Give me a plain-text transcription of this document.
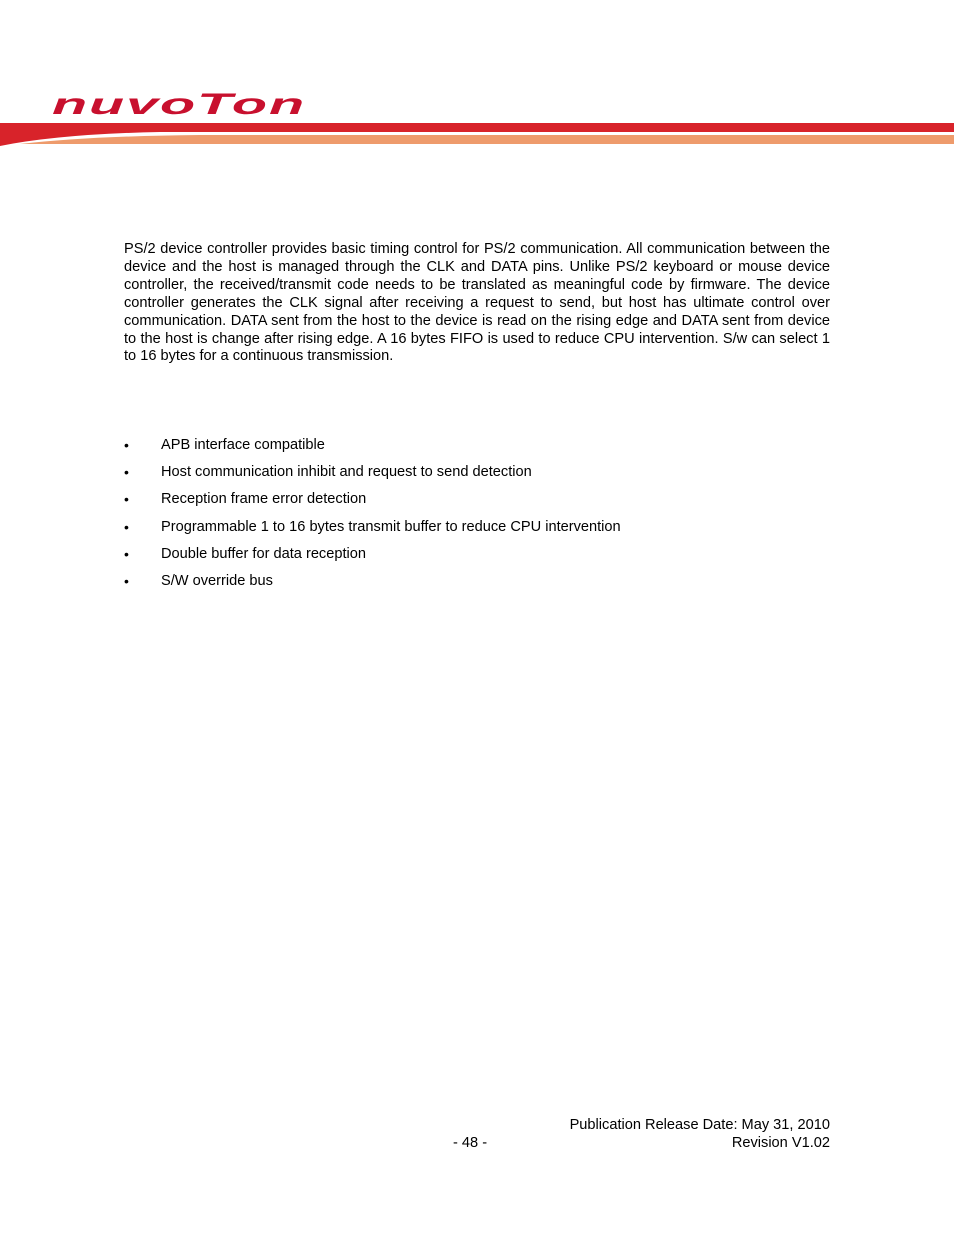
nuvoTon

PS/2 device controller provides basic timing control for PS/2 communication. All communication between the device and the host is managed through the CLK and DATA pins. Unlike PS/2 keyboard or mouse device controller, the received/transmit code needs to be translated as meaningful code by firmware. The device controller generates the CLK signal after receiving a request to send, but host has ultimate control over communication. DATA sent from the host to the device is read on the rising edge and DATA sent from device to the host is change after rising edge. A 16 bytes FIFO is used to reduce CPU intervention. S/w can select 1 to 16 bytes for a continuous transmission.

•	APB interface compatible
•	Host communication inhibit and request to send detection
•	Reception frame error detection
•	Programmable 1 to 16 bytes transmit buffer to reduce CPU intervention
•	Double buffer for data reception
•	S/W override bus
Publication Release Date: May 31, 2010
- 48 -	Revision V1.02
